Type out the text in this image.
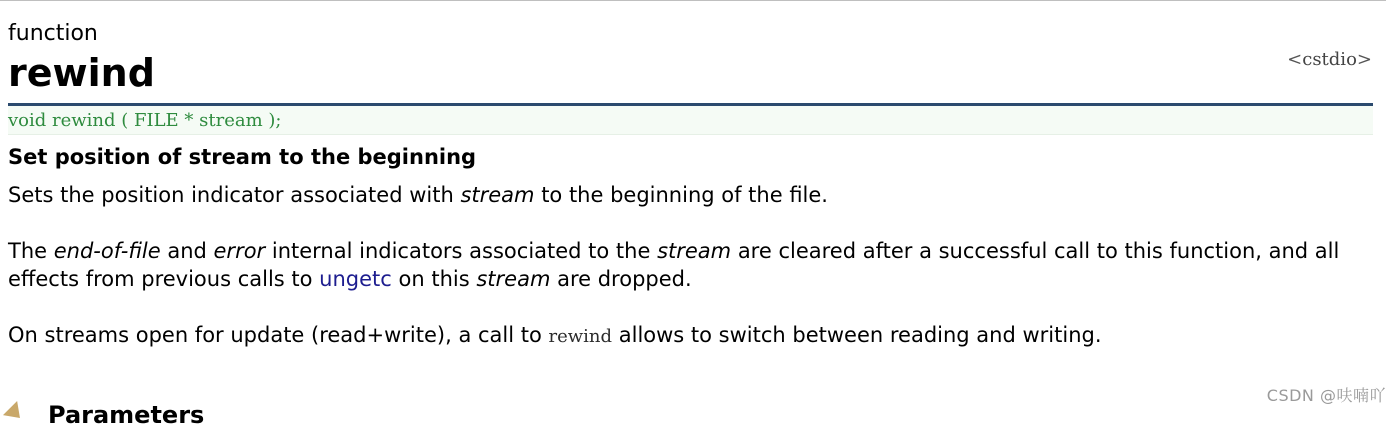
function
rewind	<cstdio>
void rewind ( FILE * stream );
Set position of stream to the beginning

Sets the position indicator associated with stream to the beginning of the file.

The end-of-file and error internal indicators associated to the stream are cleared after a successful call to this function, and all effects from previous calls to ungetc on this stream are dropped.

On streams open for update (read+write), a call to rewind allows to switch between reading and writing.

Parameters
CSDN @呋喃吖
